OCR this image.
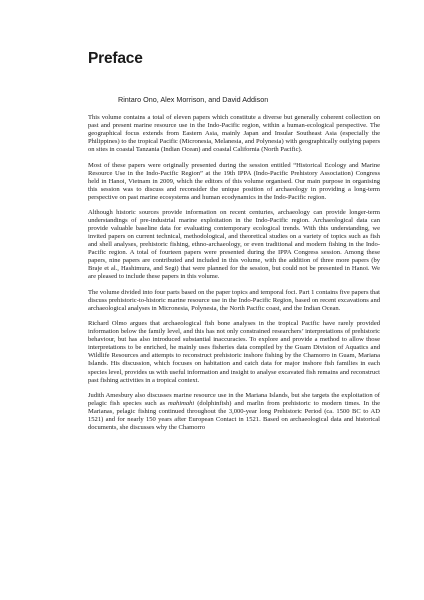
Preface

Rintaro Ono, Alex Morrison, and David Addison

This volume contains a total of eleven papers which constitute a diverse but generally coherent collection on past and present marine resource use in the Indo-Pacific region, within a human-ecological perspective. The geographical focus extends from Eastern Asia, mainly Japan and Insular Southeast Asia (especially the Philippines) to the tropical Pacific (Micronesia, Melanesia, and Polynesia) with geographically outlying papers on sites in coastal Tanzania (Indian Ocean) and coastal California (North Pacific).

Most of these papers were originally presented during the session entitled “Historical Ecology and Marine Resource Use in the Indo-Pacific Region” at the 19th IPPA (Indo-Pacific Prehistory Association) Congress held in Hanoi, Vietnam in 2009, which the editors of this volume organised. Our main purpose in organising this session was to discuss and reconsider the unique position of archaeology in providing a long-term perspective on past marine ecosystems and human ecodynamics in the Indo-Pacific region.

Although historic sources provide information on recent centuries, archaeology can provide longer-term understandings of pre-industrial marine exploitation in the Indo-Pacific region. Archaeological data can provide valuable baseline data for evaluating contemporary ecological trends. With this understanding, we invited papers on current technical, methodological, and theoretical studies on a variety of topics such as fish and shell analyses, prehistoric fishing, ethno-archaeology, or even traditional and modern fishing in the Indo-Pacific region. A total of fourteen papers were presented during the IPPA Congress session. Among these papers, nine papers are contributed and included in this volume, with the addition of three more papers (by Braje et al., Hashimura, and Segi) that were planned for the session, but could not be presented in Hanoi. We are pleased to include these papers in this volume.

The volume divided into four parts based on the paper topics and temporal foci. Part 1 contains five papers that discuss prehistoric-to-historic marine resource use in the Indo-Pacific Region, based on recent excavations and archaeological analyses in Micronesia, Polynesia, the North Pacific coast, and the Indian Ocean.

Richard Olmo argues that archaeological fish bone analyses in the tropical Pacific have rarely provided information below the family level, and this has not only constrained researchers’ interpretations of prehistoric behaviour, but has also introduced substantial inaccuracies. To explore and provide a method to allow those interpretations to be enriched, he mainly uses fisheries data compiled by the Guam Division of Aquatics and Wildlife Resources and attempts to reconstruct prehistoric inshore fishing by the Chamorro in Guam, Mariana Islands. His discussion, which focuses on habitation and catch data for major inshore fish families in each species level, provides us with useful information and insight to analyse excavated fish remains and reconstruct past fishing activities in a tropical context.

Judith Amesbury also discusses marine resource use in the Mariana Islands, but she targets the exploitation of pelagic fish species such as mahimahi (dolphinfish) and marlin from prehistoric to modern times. In the Marianas, pelagic fishing continued throughout the 3,000-year long Prehistoric Period (ca. 1500 BC to AD 1521) and for nearly 150 years after European Contact in 1521. Based on archaeological data and historical documents, she discusses why the Chamorro
